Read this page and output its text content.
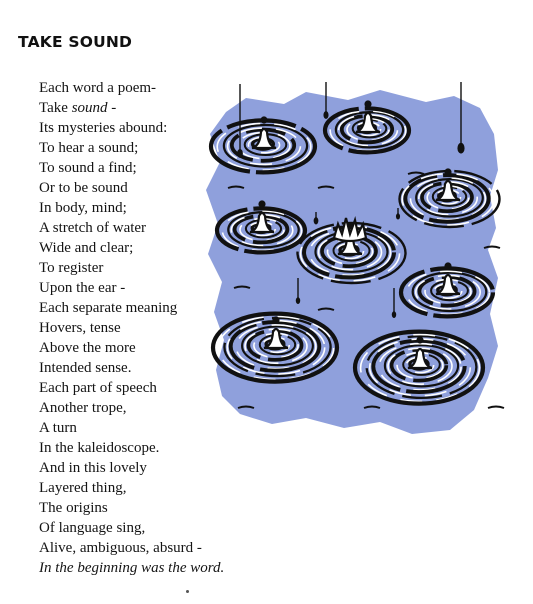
TAKE SOUND
Each word a poem-
Take sound -
Its mysteries abound:
To hear a sound;
To sound a find;
Or to be sound
In body, mind;
A stretch of water
Wide and clear;
To register
Upon the ear -
Each separate meaning
Hovers, tense
Above the more
Intended sense.
Each part of speech
Another trope,
A turn
In the kaleidoscope.
And in this lovely
Layered thing,
The origins
Of language sing,
Alive, ambiguous, absurd -
In the beginning was the word.
